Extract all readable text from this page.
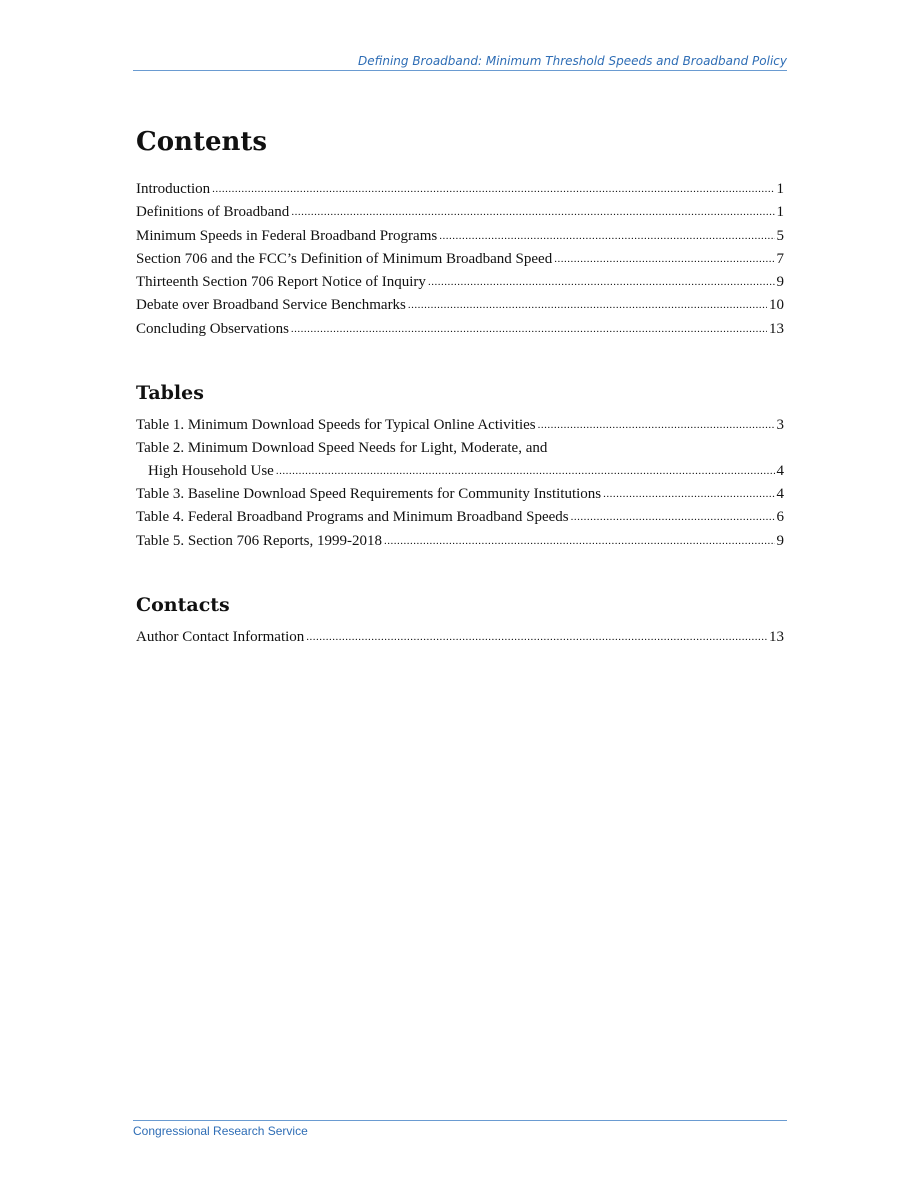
Defining Broadband: Minimum Threshold Speeds and Broadband Policy
Contents
Introduction .....	1
Definitions of Broadband .....	1
Minimum Speeds in Federal Broadband Programs .....	5
Section 706 and the FCC’s Definition of Minimum Broadband Speed .....	7
Thirteenth Section 706 Report Notice of Inquiry .....	9
Debate over Broadband Service Benchmarks .....	10
Concluding Observations .....	13
Tables
Table 1. Minimum Download Speeds for Typical Online Activities .....	3
Table 2. Minimum Download Speed Needs for Light, Moderate, and
High Household Use .....	4
Table 3. Baseline Download Speed Requirements for Community Institutions .....	4
Table 4. Federal Broadband Programs and Minimum Broadband Speeds .....	6
Table 5. Section 706 Reports, 1999-2018 .....	9
Contacts
Author Contact Information .....	13
Congressional Research Service
